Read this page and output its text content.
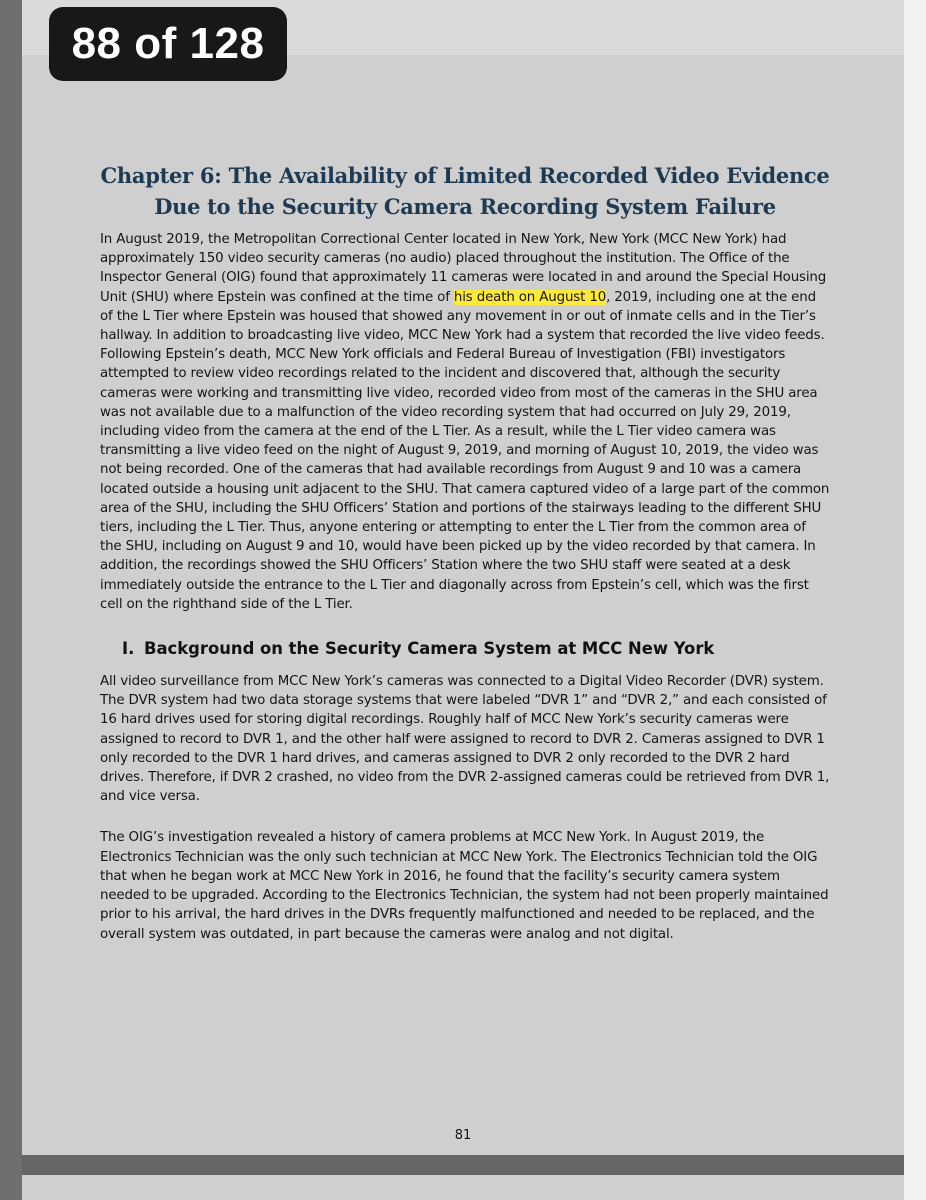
88 of 128
Chapter 6: The Availability of Limited Recorded Video Evidence Due to the Security Camera Recording System Failure

In August 2019, the Metropolitan Correctional Center located in New York, New York (MCC New York) had approximately 150 video security cameras (no audio) placed throughout the institution. The Office of the Inspector General (OIG) found that approximately 11 cameras were located in and around the Special Housing Unit (SHU) where Epstein was confined at the time of his death on August 10, 2019, including one at the end of the L Tier where Epstein was housed that showed any movement in or out of inmate cells and in the Tier’s hallway. In addition to broadcasting live video, MCC New York had a system that recorded the live video feeds. Following Epstein’s death, MCC New York officials and Federal Bureau of Investigation (FBI) investigators attempted to review video recordings related to the incident and discovered that, although the security cameras were working and transmitting live video, recorded video from most of the cameras in the SHU area was not available due to a malfunction of the video recording system that had occurred on July 29, 2019, including video from the camera at the end of the L Tier. As a result, while the L Tier video camera was transmitting a live video feed on the night of August 9, 2019, and morning of August 10, 2019, the video was not being recorded. One of the cameras that had available recordings from August 9 and 10 was a camera located outside a housing unit adjacent to the SHU. That camera captured video of a large part of the common area of the SHU, including the SHU Officers’ Station and portions of the stairways leading to the different SHU tiers, including the L Tier. Thus, anyone entering or attempting to enter the L Tier from the common area of the SHU, including on August 9 and 10, would have been picked up by the video recorded by that camera. In addition, the recordings showed the SHU Officers’ Station where the two SHU staff were seated at a desk immediately outside the entrance to the L Tier and diagonally across from Epstein’s cell, which was the first cell on the righthand side of the L Tier.

I. Background on the Security Camera System at MCC New York

All video surveillance from MCC New York’s cameras was connected to a Digital Video Recorder (DVR) system. The DVR system had two data storage systems that were labeled “DVR 1” and “DVR 2,” and each consisted of 16 hard drives used for storing digital recordings. Roughly half of MCC New York’s security cameras were assigned to record to DVR 1, and the other half were assigned to record to DVR 2. Cameras assigned to DVR 1 only recorded to the DVR 1 hard drives, and cameras assigned to DVR 2 only recorded to the DVR 2 hard drives. Therefore, if DVR 2 crashed, no video from the DVR 2-assigned cameras could be retrieved from DVR 1, and vice versa.

The OIG’s investigation revealed a history of camera problems at MCC New York. In August 2019, the Electronics Technician was the only such technician at MCC New York. The Electronics Technician told the OIG that when he began work at MCC New York in 2016, he found that the facility’s security camera system needed to be upgraded. According to the Electronics Technician, the system had not been properly maintained prior to his arrival, the hard drives in the DVRs frequently malfunctioned and needed to be replaced, and the overall system was outdated, in part because the cameras were analog and not digital.

81
